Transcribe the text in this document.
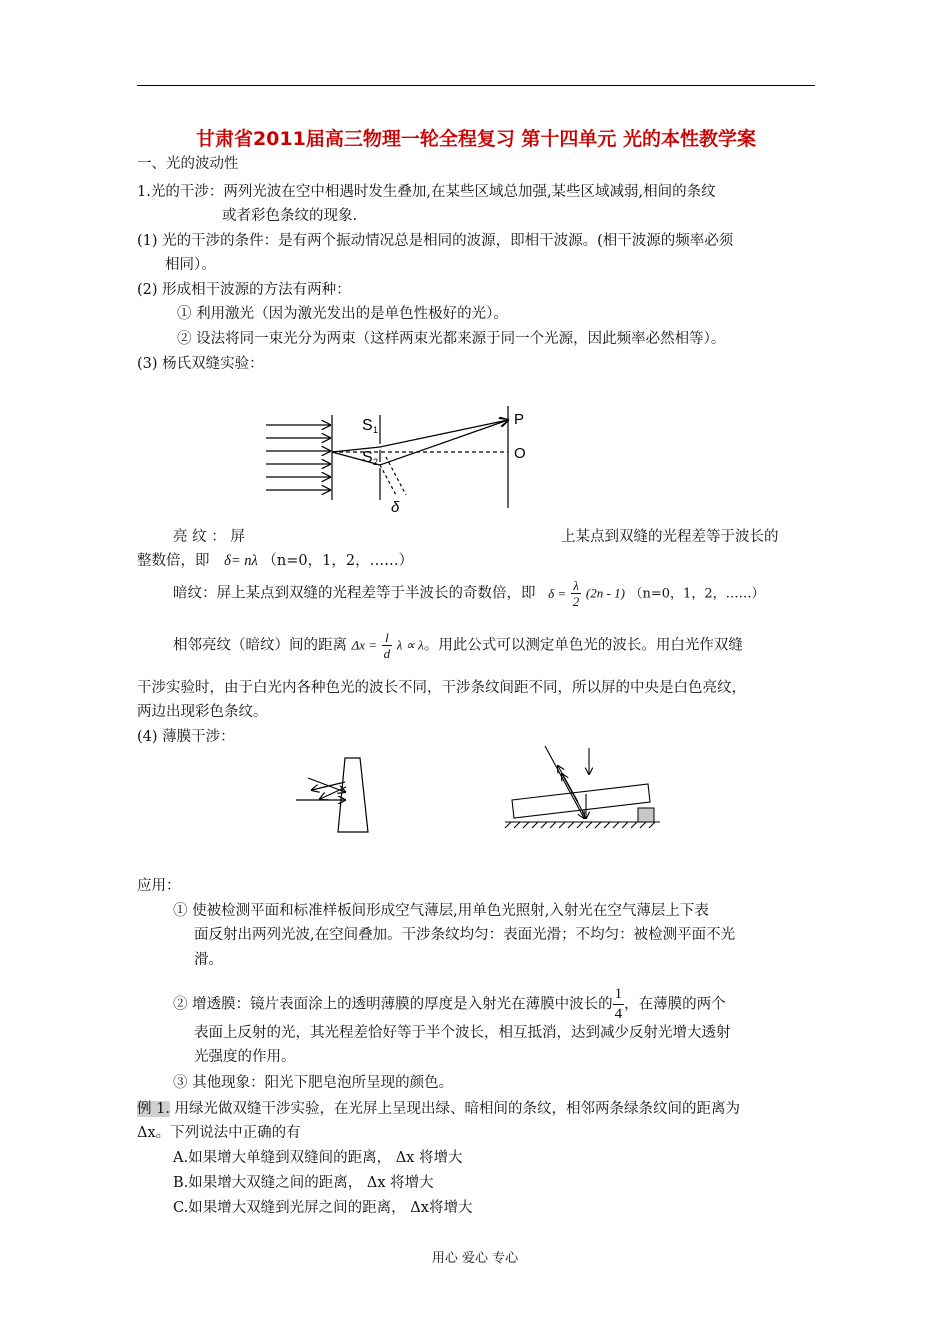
甘肃省2011届高三物理一轮全程复习 第十四单元 光的本性教学案
一、光的波动性
1.光的干涉：两列光波在空中相遇时发生叠加,在某些区域总加强,某些区域减弱,相间的条纹
或者彩色条纹的现象.
(1) 光的干涉的条件：是有两个振动情况总是相同的波源，即相干波源。(相干波源的频率必须
相同）。
(2) 形成相干波源的方法有两种：
① 利用激光（因为激光发出的是单色性极好的光）。
② 设法将同一束光分为两束（这样两束光都来源于同一个光源，因此频率必然相等）。
(3) 杨氏双缝实验：
S 1
S 2
P
O
δ
亮 纹 ： 屏	上某点到双缝的光程差等于波长的
整数倍，即 δ= nλ （n=0，1，2，……）
暗纹：屏上某点到双缝的光程差等于半波长的奇数倍，即 $\delta = \frac{\lambda}{2} (2n - 1)$ （n=0，1，2，……）
相邻亮纹（暗纹）间的距离 $\Delta x = \frac{l}{d}$ λ ∝ λ。用此公式可以测定单色光的波长。用白光作双缝
干涉实验时，由于白光内各种色光的波长不同，干涉条纹间距不同，所以屏的中央是白色亮纹，
两边出现彩色条纹。
(4) 薄膜干涉：
应用：
① 使被检测平面和标准样板间形成空气薄层,用单色光照射,入射光在空气薄层上下表
面反射出两列光波,在空间叠加。干涉条纹均匀：表面光滑；不均匀：被检测平面不光
滑。
② 增透膜：镜片表面涂上的透明薄膜的厚度是入射光在薄膜中波长的 $\frac{1}{4}$ ，在薄膜的两个
表面上反射的光，其光程差恰好等于半个波长，相互抵消，达到减少反射光增大透射
光强度的作用。
③ 其他现象：阳光下肥皂泡所呈现的颜色。
例 1. 用绿光做双缝干涉实验，在光屏上呈现出绿、暗相间的条纹，相邻两条绿条纹间的距离为
Δx。下列说法中正确的有
A.如果增大单缝到双缝间的距离， Δx 将增大
B.如果增大双缝之间的距离， Δx 将增大
C.如果增大双缝到光屏之间的距离， Δx将增大
用心 爱心 专心
